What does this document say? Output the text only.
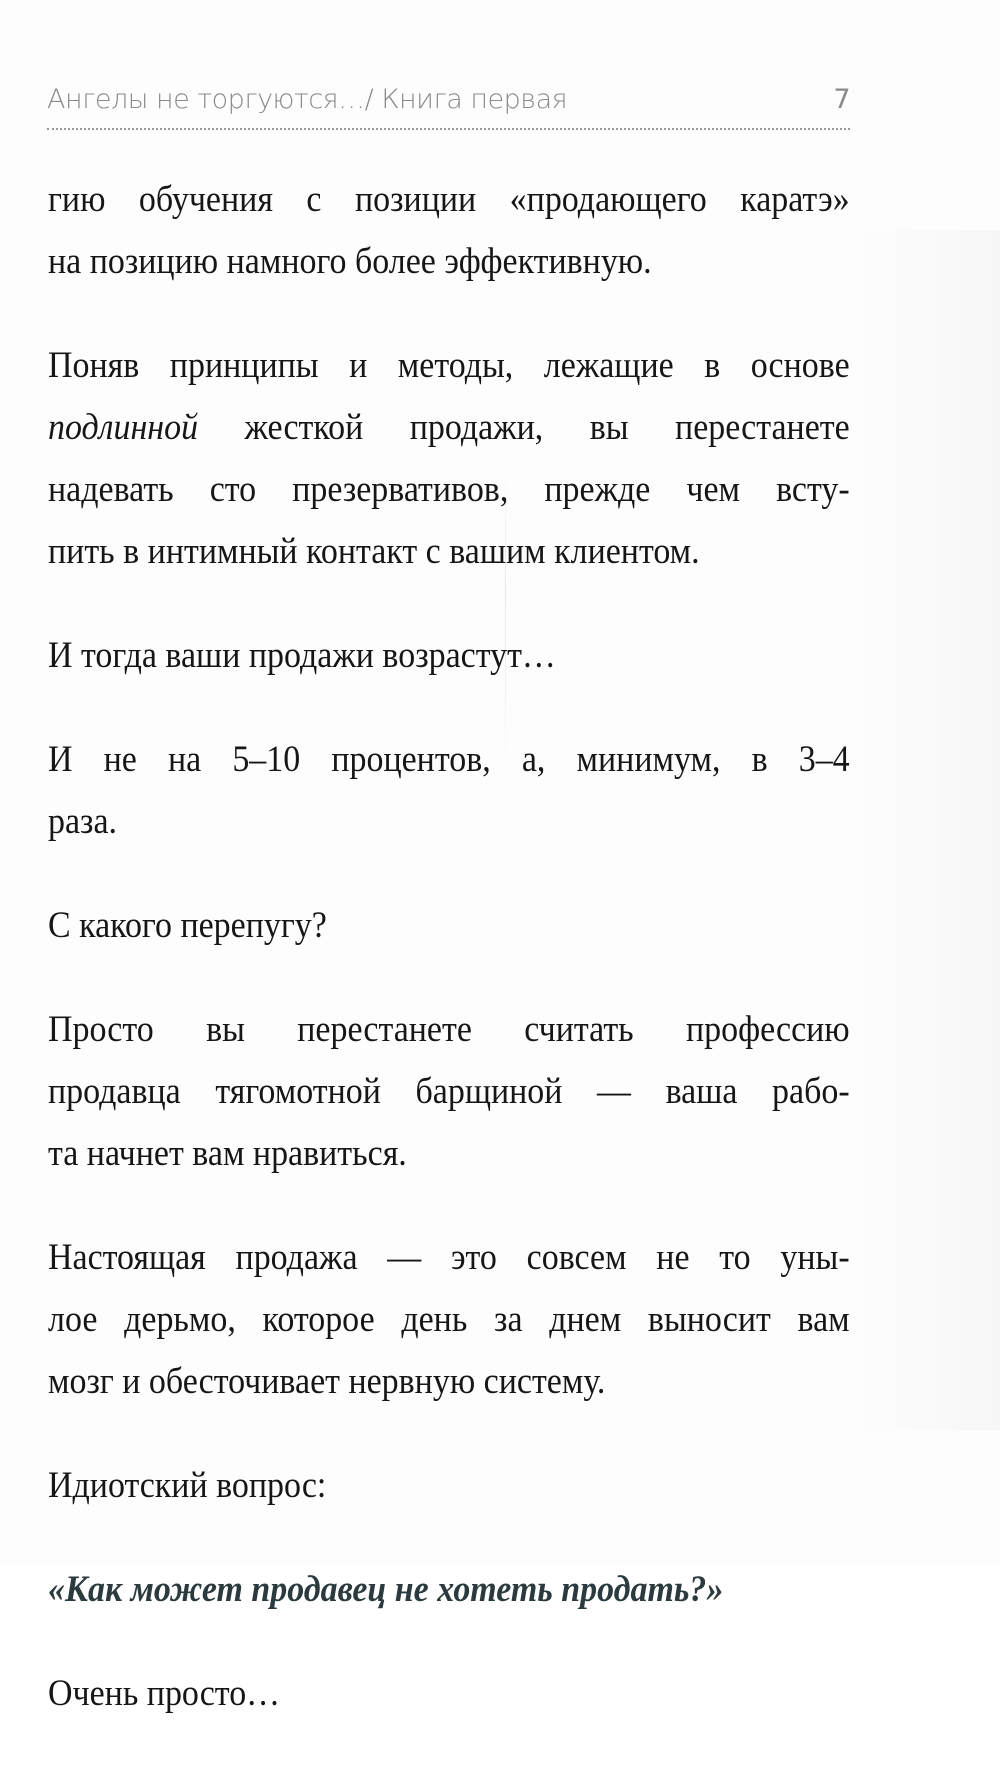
Ангелы не торгуются…/ Книга первая	7

гию обучения с позиции «продающего каратэ»
на позицию намного более эффективную.

Поняв принципы и методы, лежащие в основе
подлинной жесткой продажи, вы перестанете
надевать сто презервативов, прежде чем всту-
пить в интимный контакт с вашим клиентом.

И тогда ваши продажи возрастут…

И не на 5–10 процентов, а, минимум, в 3–4
раза.

С какого перепугу?

Просто вы перестанете считать профессию
продавца тягомотной барщиной — ваша рабо-
та начнет вам нравиться.

Настоящая продажа — это совсем не то уны-
лое дерьмо, которое день за днем выносит вам
мозг и обесточивает нервную систему.

Идиотский вопрос:

«Как может продавец не хотеть продать?»

Очень просто…
